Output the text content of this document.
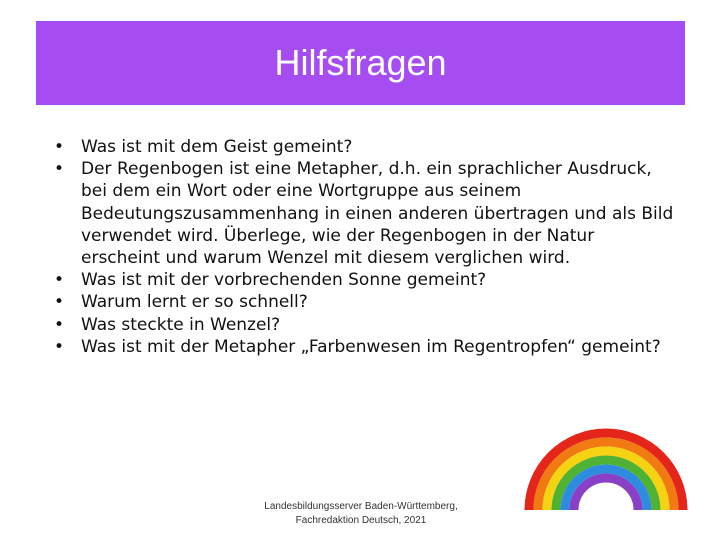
Hilfsfragen
• Was ist mit dem Geist gemeint?
• Der Regenbogen ist eine Metapher, d.h. ein sprachlicher Ausdruck, bei dem ein Wort oder eine Wortgruppe aus seinem Bedeutungszusammenhang in einen anderen übertragen und als Bild verwendet wird. Überlege, wie der Regenbogen in der Natur erscheint und warum Wenzel mit diesem verglichen wird.
• Was ist mit der vorbrechenden Sonne gemeint?
• Warum lernt er so schnell?
• Was steckte in Wenzel?
• Was ist mit der Metapher „Farbenwesen im Regentropfen“ gemeint?
Landesbildungsserver Baden-Württemberg,
Fachredaktion Deutsch, 2021
